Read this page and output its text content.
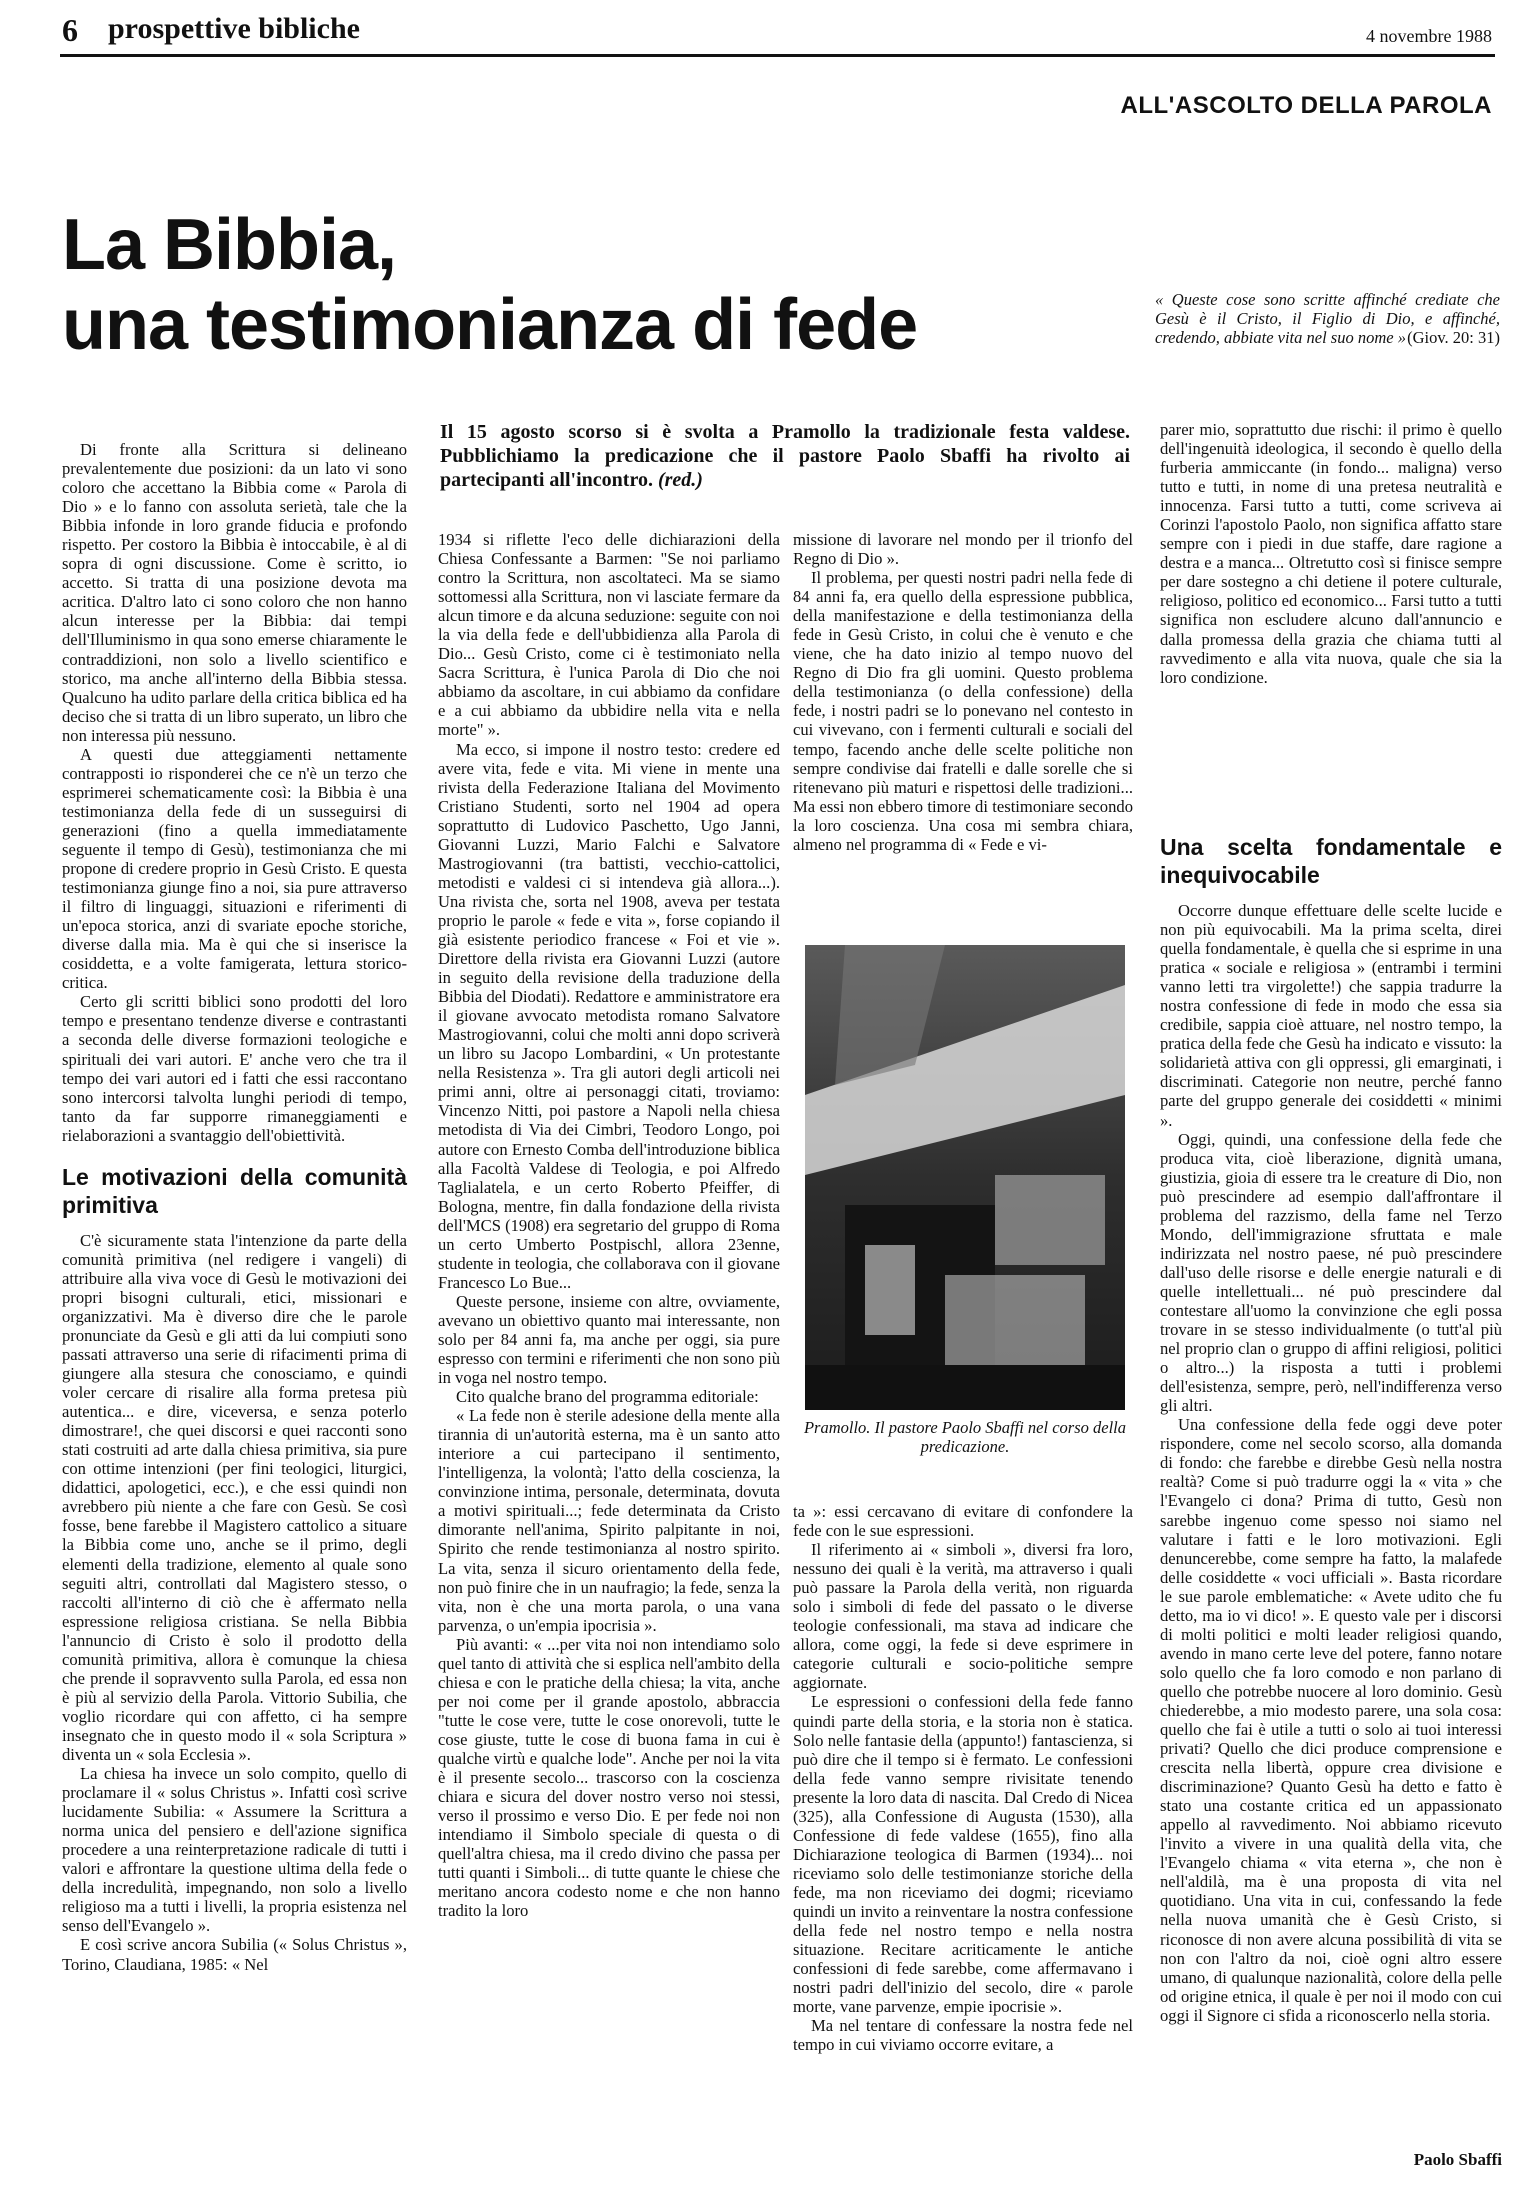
6 prospettive bibliche	4 novembre 1988
ALL'ASCOLTO DELLA PAROLA
La Bibbia,
una testimonianza di fede	« Queste cose sono scritte affinché crediate che Gesù è il Cristo, il Figlio di Dio, e affinché, credendo, abbiate vita nel suo nome » (Giov. 20: 31)
Il 15 agosto scorso si è svolta a Pramollo la tradizionale festa valdese. Pubblichiamo la predicazione che il pastore Paolo Sbaffi ha rivolto ai partecipanti all'incontro. (red.)

Di fronte alla Scrittura si delineano prevalentemente due posizioni: da un lato vi sono coloro che accettano la Bibbia come « Parola di Dio » e lo fanno con assoluta serietà, tale che la Bibbia infonde in loro grande fiducia e profondo rispetto. Per costoro la Bibbia è intoccabile, è al di sopra di ogni discussione. Come è scritto, io accetto. Si tratta di una posizione devota ma acritica. D'altro lato ci sono coloro che non hanno alcun interesse per la Bibbia: dai tempi dell'Illuminismo in qua sono emerse chiaramente le contraddizioni, non solo a livello scientifico e storico, ma anche all'interno della Bibbia stessa. Qualcuno ha udito parlare della critica biblica ed ha deciso che si tratta di un libro superato, un libro che non interessa più nessuno.

A questi due atteggiamenti nettamente contrapposti io risponderei che ce n'è un terzo che esprimerei schematicamente così: la Bibbia è una testimonianza della fede di un susseguirsi di generazioni (fino a quella immediatamente seguente il tempo di Gesù), testimonianza che mi propone di credere proprio in Gesù Cristo. E questa testimonianza giunge fino a noi, sia pure attraverso il filtro di linguaggi, situazioni e riferimenti di un'epoca storica, anzi di svariate epoche storiche, diverse dalla mia. Ma è qui che si inserisce la cosiddetta, e a volte famigerata, lettura storico-critica.

Certo gli scritti biblici sono prodotti del loro tempo e presentano tendenze diverse e contrastanti a seconda delle diverse formazioni teologiche e spirituali dei vari autori. E' anche vero che tra il tempo dei vari autori ed i fatti che essi raccontano sono intercorsi talvolta lunghi periodi di tempo, tanto da far supporre rimaneggiamenti e rielaborazioni a svantaggio dell'obiettività.

Le motivazioni della comunità primitiva

C'è sicuramente stata l'intenzione da parte della comunità primitiva (nel redigere i vangeli) di attribuire alla viva voce di Gesù le motivazioni dei propri bisogni culturali, etici, missionari e organizzativi. Ma è diverso dire che le parole pronunciate da Gesù e gli atti da lui compiuti sono passati attraverso una serie di rifacimenti prima di giungere alla stesura che conosciamo, e quindi voler cercare di risalire alla forma pretesa più autentica... e dire, viceversa, e senza poterlo dimostrare!, che quei discorsi e quei racconti sono stati costruiti ad arte dalla chiesa primitiva, sia pure con ottime intenzioni (per fini teologici, liturgici, didattici, apologetici, ecc.), e che essi quindi non avrebbero più niente a che fare con Gesù. Se così fosse, bene farebbe il Magistero cattolico a situare la Bibbia come uno, anche se il primo, degli elementi della tradizione, elemento al quale sono seguiti altri, controllati dal Magistero stesso, o raccolti all'interno di ciò che è affermato nella espressione religiosa cristiana. Se nella Bibbia l'annuncio di Cristo è solo il prodotto della comunità primitiva, allora è comunque la chiesa che prende il sopravvento sulla Parola, ed essa non è più al servizio della Parola. Vittorio Subilia, che voglio ricordare qui con affetto, ci ha sempre insegnato che in questo modo il « sola Scriptura » diventa un « sola Ecclesia ».

La chiesa ha invece un solo compito, quello di proclamare il « solus Christus ». Infatti così scrive lucidamente Subilia: « Assumere la Scrittura a norma unica del pensiero e dell'azione significa procedere a una reinterpretazione radicale di tutti i valori e affrontare la questione ultima della fede o della incredulità, impegnando, non solo a livello religioso ma a tutti i livelli, la propria esistenza nel senso dell'Evangelo ».

E così scrive ancora Subilia (« Solus Christus », Torino, Claudiana, 1985: « Nel

1934 si riflette l'eco delle dichiarazioni della Chiesa Confessante a Barmen: "Se noi parliamo contro la Scrittura, non ascoltateci. Ma se siamo sottomessi alla Scrittura, non vi lasciate fermare da alcun timore e da alcuna seduzione: seguite con noi la via della fede e dell'ubbidienza alla Parola di Dio... Gesù Cristo, come ci è testimoniato nella Sacra Scrittura, è l'unica Parola di Dio che noi abbiamo da ascoltare, in cui abbiamo da confidare e a cui abbiamo da ubbidire nella vita e nella morte" ».

Ma ecco, si impone il nostro testo: credere ed avere vita, fede e vita. Mi viene in mente una rivista della Federazione Italiana del Movimento Cristiano Studenti, sorto nel 1904 ad opera soprattutto di Ludovico Paschetto, Ugo Janni, Giovanni Luzzi, Mario Falchi e Salvatore Mastrogiovanni (tra battisti, vecchio-cattolici, metodisti e valdesi ci si intendeva già allora...). Una rivista che, sorta nel 1908, aveva per testata proprio le parole « fede e vita », forse copiando il già esistente periodico francese « Foi et vie ». Direttore della rivista era Giovanni Luzzi (autore in seguito della revisione della traduzione della Bibbia del Diodati). Redattore e amministratore era il giovane avvocato metodista romano Salvatore Mastrogiovanni, colui che molti anni dopo scriverà un libro su Jacopo Lombardini, « Un protestante nella Resistenza ». Tra gli autori degli articoli nei primi anni, oltre ai personaggi citati, troviamo: Vincenzo Nitti, poi pastore a Napoli nella chiesa metodista di Via dei Cimbri, Teodoro Longo, poi autore con Ernesto Comba dell'introduzione biblica alla Facoltà Valdese di Teologia, e poi Alfredo Taglialatela, e un certo Roberto Pfeiffer, di Bologna, mentre, fin dalla fondazione della rivista dell'MCS (1908) era segretario del gruppo di Roma un certo Umberto Postpischl, allora 23enne, studente in teologia, che collaborava con il giovane Francesco Lo Bue...

Queste persone, insieme con altre, ovviamente, avevano un obiettivo quanto mai interessante, non solo per 84 anni fa, ma anche per oggi, sia pure espresso con termini e riferimenti che non sono più in voga nel nostro tempo.

Cito qualche brano del programma editoriale:

« La fede non è sterile adesione della mente alla tirannia di un'autorità esterna, ma è un santo atto interiore a cui partecipano il sentimento, l'intelligenza, la volontà; l'atto della coscienza, la convinzione intima, personale, determinata, dovuta a motivi spirituali...; fede determinata da Cristo dimorante nell'anima, Spirito palpitante in noi, Spirito che rende testimonianza al nostro spirito. La vita, senza il sicuro orientamento della fede, non può finire che in un naufragio; la fede, senza la vita, non è che una morta parola, o una vana parvenza, o un'empia ipocrisia ».

Più avanti: « ...per vita noi non intendiamo solo quel tanto di attività che si esplica nell'ambito della chiesa e con le pratiche della chiesa; la vita, anche per noi come per il grande apostolo, abbraccia "tutte le cose vere, tutte le cose onorevoli, tutte le cose giuste, tutte le cose di buona fama in cui è qualche virtù e qualche lode". Anche per noi la vita è il presente secolo... trascorso con la coscienza chiara e sicura del dover nostro verso noi stessi, verso il prossimo e verso Dio. E per fede noi non intendiamo il Simbolo speciale di questa o di quell'altra chiesa, ma il credo divino che passa per tutti quanti i Simboli... di tutte quante le chiese che meritano ancora codesto nome e che non hanno tradito la loro

missione di lavorare nel mondo per il trionfo del Regno di Dio ».

Il problema, per questi nostri padri nella fede di 84 anni fa, era quello della espressione pubblica, della manifestazione e della testimonianza della fede in Gesù Cristo, in colui che è venuto e che viene, che ha dato inizio al tempo nuovo del Regno di Dio fra gli uomini. Questo problema della testimonianza (o della confessione) della fede, i nostri padri se lo ponevano nel contesto in cui vivevano, con i fermenti culturali e sociali del tempo, facendo anche delle scelte politiche non sempre condivise dai fratelli e dalle sorelle che si ritenevano più maturi e rispettosi delle tradizioni... Ma essi non ebbero timore di testimoniare secondo la loro coscienza. Una cosa mi sembra chiara, almeno nel programma di « Fede e vi-

Pramollo. Il pastore Paolo Sbaffi nel corso della predicazione.

ta »: essi cercavano di evitare di confondere la fede con le sue espressioni.

Il riferimento ai « simboli », diversi fra loro, nessuno dei quali è la verità, ma attraverso i quali può passare la Parola della verità, non riguarda solo i simboli di fede del passato o le diverse teologie confessionali, ma stava ad indicare che allora, come oggi, la fede si deve esprimere in categorie culturali e socio-politiche sempre aggiornate.

Le espressioni o confessioni della fede fanno quindi parte della storia, e la storia non è statica. Solo nelle fantasie della (appunto!) fantascienza, si può dire che il tempo si è fermato. Le confessioni della fede vanno sempre rivisitate tenendo presente la loro data di nascita. Dal Credo di Nicea (325), alla Confessione di Augusta (1530), alla Confessione di fede valdese (1655), fino alla Dichiarazione teologica di Barmen (1934)... noi riceviamo solo delle testimonianze storiche della fede, ma non riceviamo dei dogmi; riceviamo quindi un invito a reinventare la nostra confessione della fede nel nostro tempo e nella nostra situazione. Recitare acriticamente le antiche confessioni di fede sarebbe, come affermavano i nostri padri dell'inizio del secolo, dire « parole morte, vane parvenze, empie ipocrisie ».

Ma nel tentare di confessare la nostra fede nel tempo in cui viviamo occorre evitare, a

parer mio, soprattutto due rischi: il primo è quello dell'ingenuità ideologica, il secondo è quello della furberia ammiccante (in fondo... maligna) verso tutto e tutti, in nome di una pretesa neutralità e innocenza. Farsi tutto a tutti, come scriveva ai Corinzi l'apostolo Paolo, non significa affatto stare sempre con i piedi in due staffe, dare ragione a destra e a manca... Oltretutto così si finisce sempre per dare sostegno a chi detiene il potere culturale, religioso, politico ed economico... Farsi tutto a tutti significa non escludere alcuno dall'annuncio e dalla promessa della grazia che chiama tutti al ravvedimento e alla vita nuova, quale che sia la loro condizione.

Una scelta fondamentale e inequivocabile

Occorre dunque effettuare delle scelte lucide e non più equivocabili. Ma la prima scelta, direi quella fondamentale, è quella che si esprime in una pratica « sociale e religiosa » (entrambi i termini vanno letti tra virgolette!) che sappia tradurre la nostra confessione di fede in modo che essa sia credibile, sappia cioè attuare, nel nostro tempo, la pratica della fede che Gesù ha indicato e vissuto: la solidarietà attiva con gli oppressi, gli emarginati, i discriminati. Categorie non neutre, perché fanno parte del gruppo generale dei cosiddetti « minimi ».

Oggi, quindi, una confessione della fede che produca vita, cioè liberazione, dignità umana, giustizia, gioia di essere tra le creature di Dio, non può prescindere ad esempio dall'affrontare il problema del razzismo, della fame nel Terzo Mondo, dell'immigrazione sfruttata e male indirizzata nel nostro paese, né può prescindere dall'uso delle risorse e delle energie naturali e di quelle intellettuali... né può prescindere dal contestare all'uomo la convinzione che egli possa trovare in se stesso individualmente (o tutt'al più nel proprio clan o gruppo di affini religiosi, politici o altro...) la risposta a tutti i problemi dell'esistenza, sempre, però, nell'indifferenza verso gli altri.

Una confessione della fede oggi deve poter rispondere, come nel secolo scorso, alla domanda di fondo: che farebbe e direbbe Gesù nella nostra realtà? Come si può tradurre oggi la « vita » che l'Evangelo ci dona? Prima di tutto, Gesù non sarebbe ingenuo come spesso noi siamo nel valutare i fatti e le loro motivazioni. Egli denuncerebbe, come sempre ha fatto, la malafede delle cosiddette « voci ufficiali ». Basta ricordare le sue parole emblematiche: « Avete udito che fu detto, ma io vi dico! ». E questo vale per i discorsi di molti politici e molti leader religiosi quando, avendo in mano certe leve del potere, fanno notare solo quello che fa loro comodo e non parlano di quello che potrebbe nuocere al loro dominio. Gesù chiederebbe, a mio modesto parere, una sola cosa: quello che fai è utile a tutti o solo ai tuoi interessi privati? Quello che dici produce comprensione e crescita nella libertà, oppure crea divisione e discriminazione? Quanto Gesù ha detto e fatto è stato una costante critica ed un appassionato appello al ravvedimento. Noi abbiamo ricevuto l'invito a vivere in una qualità della vita, che l'Evangelo chiama « vita eterna », che non è nell'aldilà, ma è una proposta di vita nel quotidiano. Una vita in cui, confessando la fede nella nuova umanità che è Gesù Cristo, si riconosce di non avere alcuna possibilità di vita se non con l'altro da noi, cioè ogni altro essere umano, di qualunque nazionalità, colore della pelle od origine etnica, il quale è per noi il modo con cui oggi il Signore ci sfida a riconoscerlo nella storia.

Paolo Sbaffi
